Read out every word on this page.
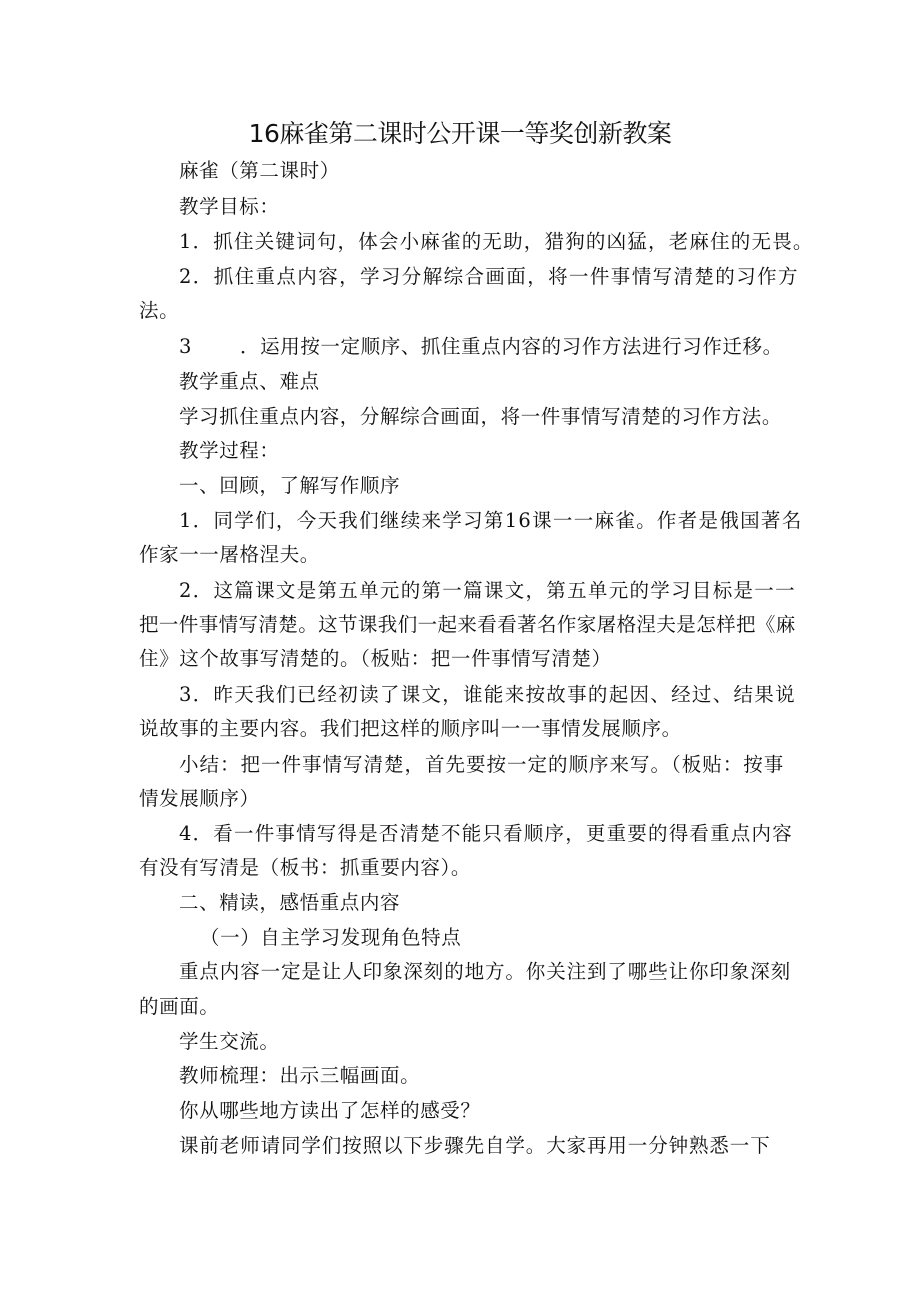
16麻雀第二课时公开课一等奖创新教案
麻雀（第二课时）
教学目标：
1．抓住关键词句，体会小麻雀的无助，猎狗的凶猛，老麻住的无畏。
2．抓住重点内容，学习分解综合画面，将一件事情写清楚的习作方
法。
3 ．运用按一定顺序、抓住重点内容的习作方法进行习作迁移。
教学重点、难点
学习抓住重点内容，分解综合画面，将一件事情写清楚的习作方法。
教学过程：
一、回顾，了解写作顺序
1．同学们，今天我们继续来学习第16课一一麻雀。作者是俄国著名
作家一一屠格涅夫。
2．这篇课文是第五单元的第一篇课文，第五单元的学习目标是一一
把一件事情写清楚。这节课我们一起来看看著名作家屠格涅夫是怎样把《麻
住》这个故事写清楚的。（板贴：把一件事情写清楚）
3．昨天我们已经初读了课文，谁能来按故事的起因、经过、结果说
说故事的主要内容。我们把这样的顺序叫一一事情发展顺序。
小结：把一件事情写清楚，首先要按一定的顺序来写。（板贴：按事
情发展顺序）
4．看一件事情写得是否清楚不能只看顺序，更重要的得看重点内容
有没有写清是（板书：抓重要内容）。
二、精读，感悟重点内容
（一）自主学习发现角色特点
重点内容一定是让人印象深刻的地方。你关注到了哪些让你印象深刻
的画面。
学生交流。
教师梳理：出示三幅画面。
你从哪些地方读出了怎样的感受？
课前老师请同学们按照以下步骤先自学。大家再用一分钟熟悉一下
